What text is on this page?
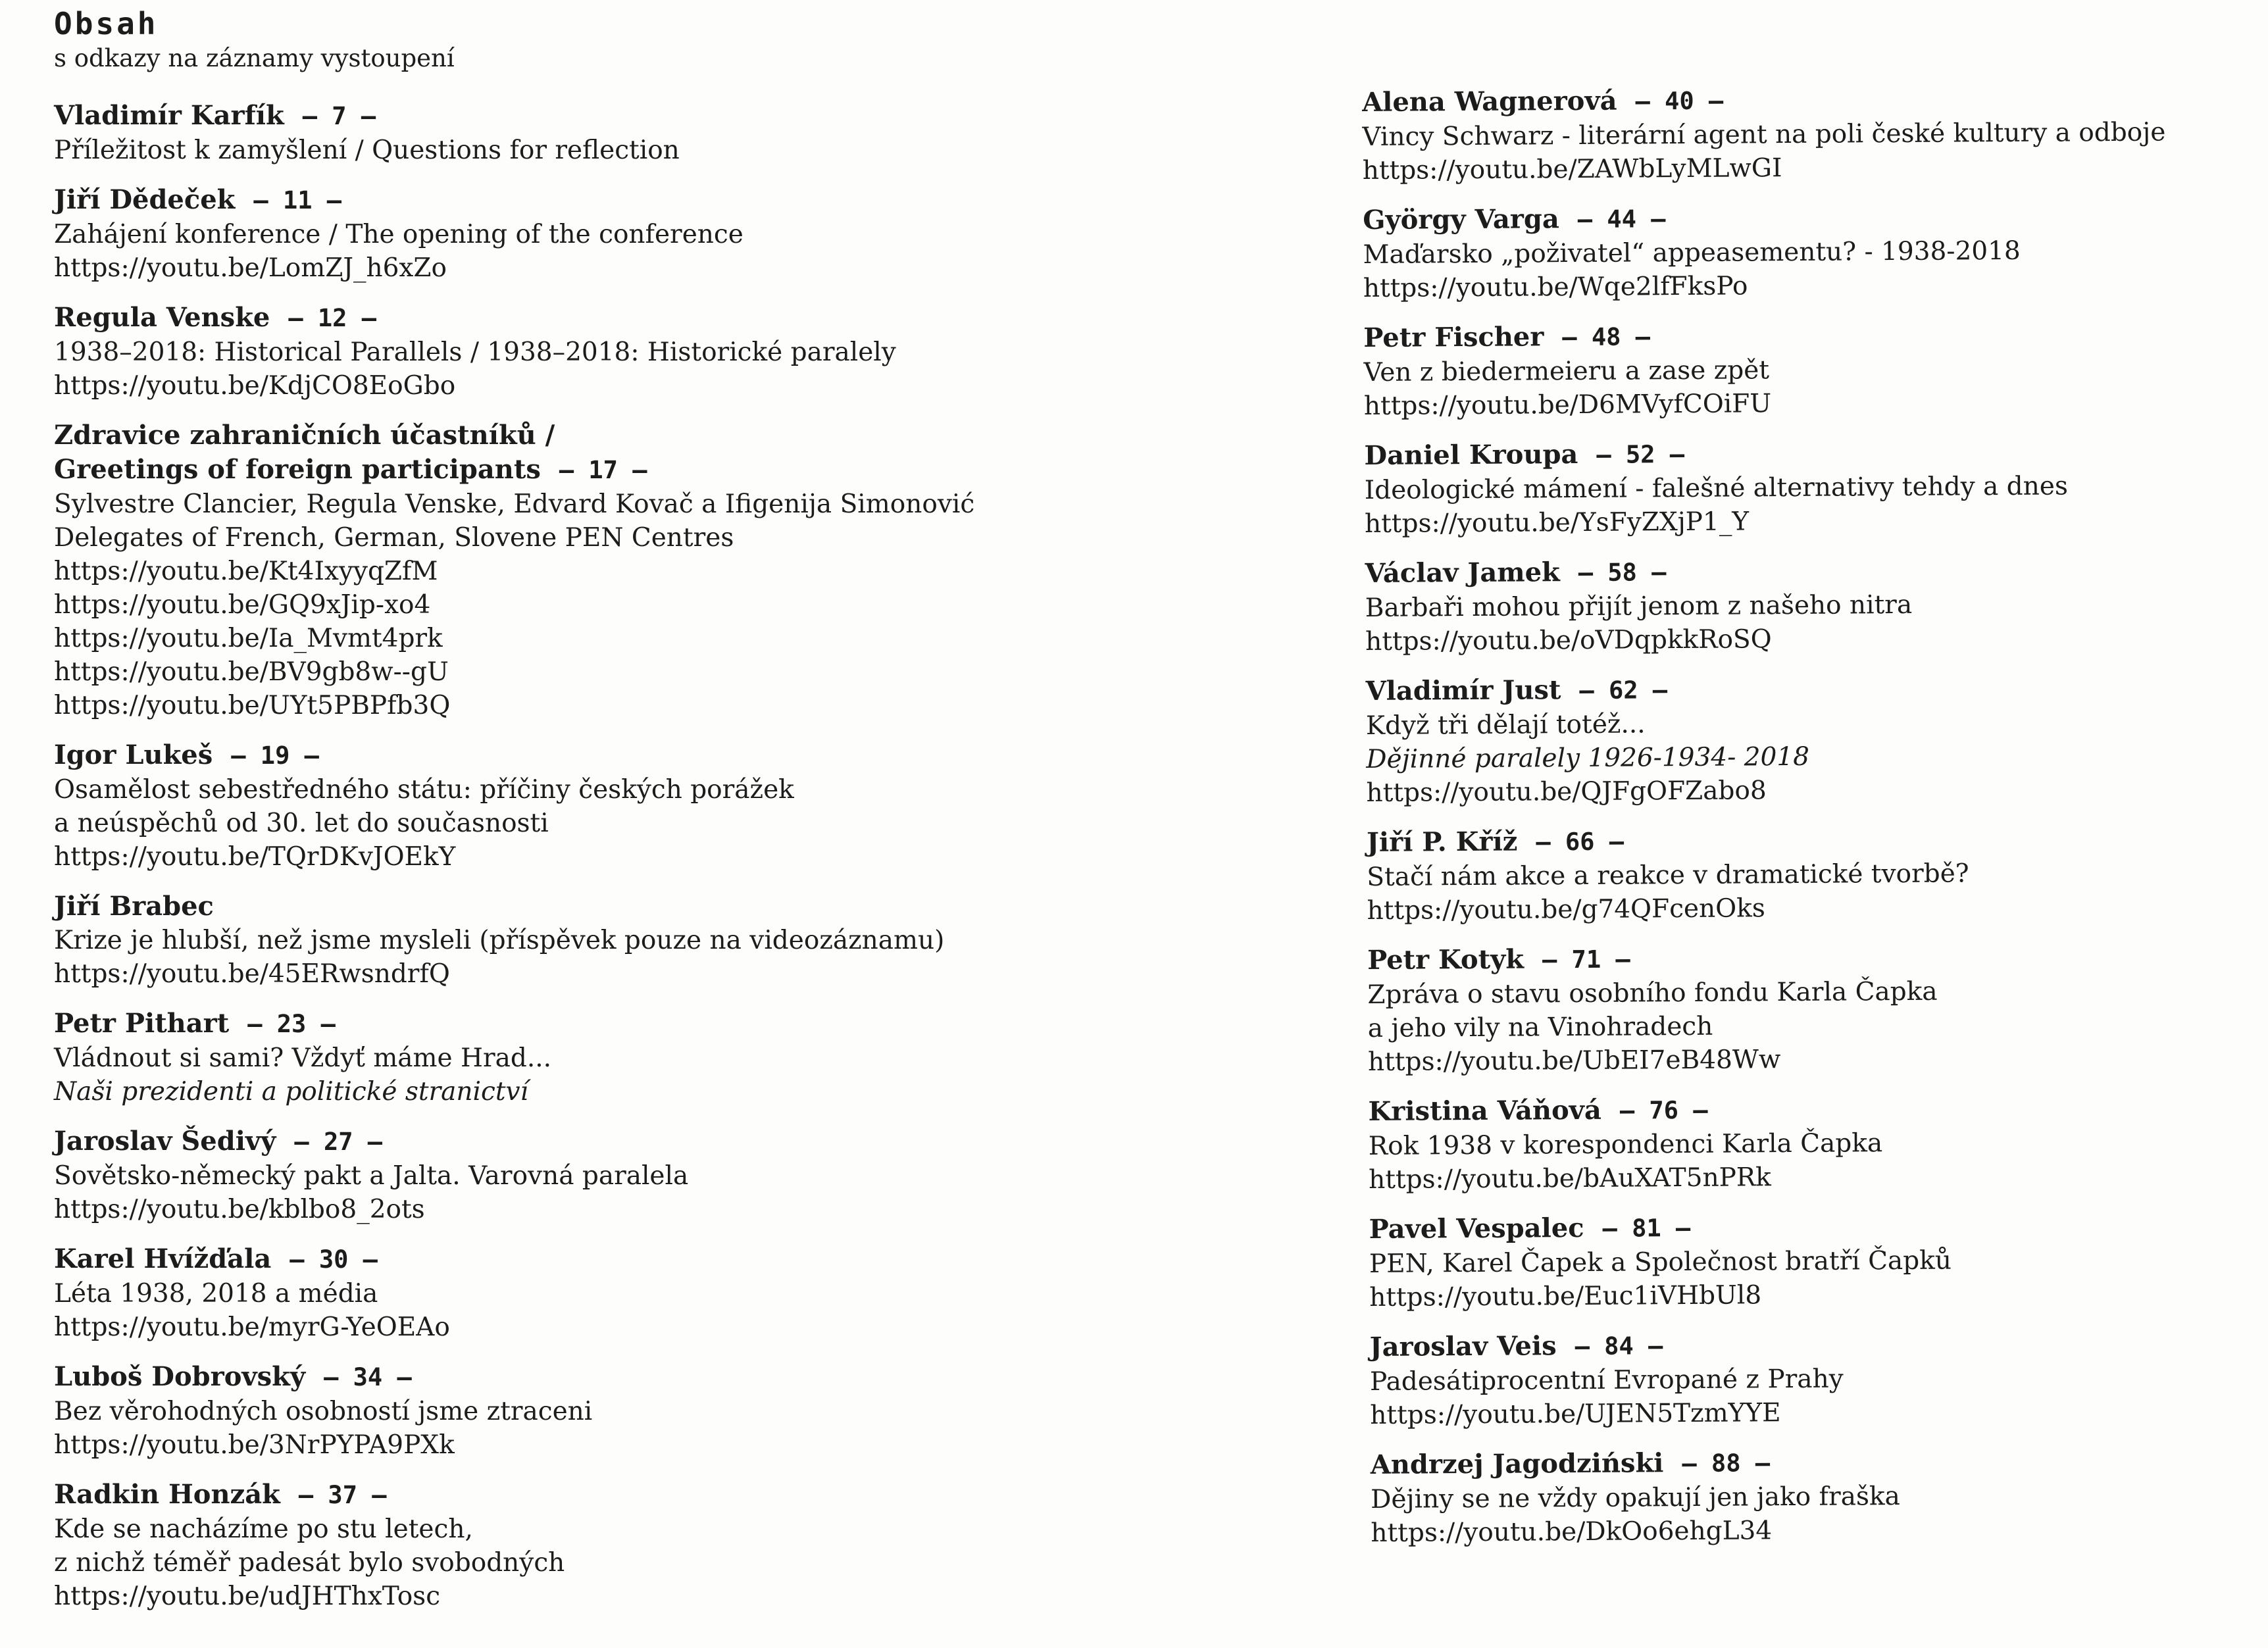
Obsah
s odkazy na záznamy vystoupení
Vladimír Karfík — 7 —
Příležitost k zamyšlení / Questions for reflection
Jiří Dědeček — 11 —
Zahájení konference / The opening of the conference
https://youtu.be/LomZJ_h6xZo
Regula Venske — 12 —
1938–2018: Historical Parallels / 1938–2018: Historické paralely
https://youtu.be/KdjCO8EoGbo
Zdravice zahraničních účastníků /
Greetings of foreign participants — 17 —
Sylvestre Clancier, Regula Venske, Edvard Kovač a Ifigenija Simonović
Delegates of French, German, Slovene PEN Centres
https://youtu.be/Kt4IxyyqZfM
https://youtu.be/GQ9xJip-xo4
https://youtu.be/Ia_Mvmt4prk
https://youtu.be/BV9gb8w--gU
https://youtu.be/UYt5PBPfb3Q
Igor Lukeš — 19 —
Osamělost sebestředného státu: příčiny českých porážek
a neúspěchů od 30. let do současnosti
https://youtu.be/TQrDKvJOEkY
Jiří Brabec
Krize je hlubší, než jsme mysleli (příspěvek pouze na videozáznamu)
https://youtu.be/45ERwsndrfQ
Petr Pithart — 23 —
Vládnout si sami? Vždyť máme Hrad...
Naši prezidenti a politické stranictví
Jaroslav Šedivý — 27 —
Sovětsko-německý pakt a Jalta. Varovná paralela
https://youtu.be/kblbo8_2ots
Karel Hvížďala — 30 —
Léta 1938, 2018 a média
https://youtu.be/myrG-YeOEAo
Luboš Dobrovský — 34 —
Bez věrohodných osobností jsme ztraceni
https://youtu.be/3NrPYPA9PXk
Radkin Honzák — 37 —
Kde se nacházíme po stu letech,
z nichž téměř padesát bylo svobodných
https://youtu.be/udJHThxTosc
Alena Wagnerová — 40 —
Vincy Schwarz - literární agent na poli české kultury a odboje
https://youtu.be/ZAWbLyMLwGI
György Varga — 44 —
Maďarsko „poživatel“ appeasementu? - 1938-2018
https://youtu.be/Wqe2lfFksPo
Petr Fischer — 48 —
Ven z biedermeieru a zase zpět
https://youtu.be/D6MVyfCOiFU
Daniel Kroupa — 52 —
Ideologické mámení - falešné alternativy tehdy a dnes
https://youtu.be/YsFyZXjP1_Y
Václav Jamek — 58 —
Barbaři mohou přijít jenom z našeho nitra
https://youtu.be/oVDqpkkRoSQ
Vladimír Just — 62 —
Když tři dělají totéž...
Dějinné paralely 1926-1934- 2018
https://youtu.be/QJFgOFZabo8
Jiří P. Kříž — 66 —
Stačí nám akce a reakce v dramatické tvorbě?
https://youtu.be/g74QFcenOks
Petr Kotyk — 71 —
Zpráva o stavu osobního fondu Karla Čapka
a jeho vily na Vinohradech
https://youtu.be/UbEI7eB48Ww
Kristina Váňová — 76 —
Rok 1938 v korespondenci Karla Čapka
https://youtu.be/bAuXAT5nPRk
Pavel Vespalec — 81 —
PEN, Karel Čapek a Společnost bratří Čapků
https://youtu.be/Euc1iVHbUl8
Jaroslav Veis — 84 —
Padesátiprocentní Evropané z Prahy
https://youtu.be/UJEN5TzmYYE
Andrzej Jagodziński — 88 —
Dějiny se ne vždy opakují jen jako fraška
https://youtu.be/DkOo6ehgL34
